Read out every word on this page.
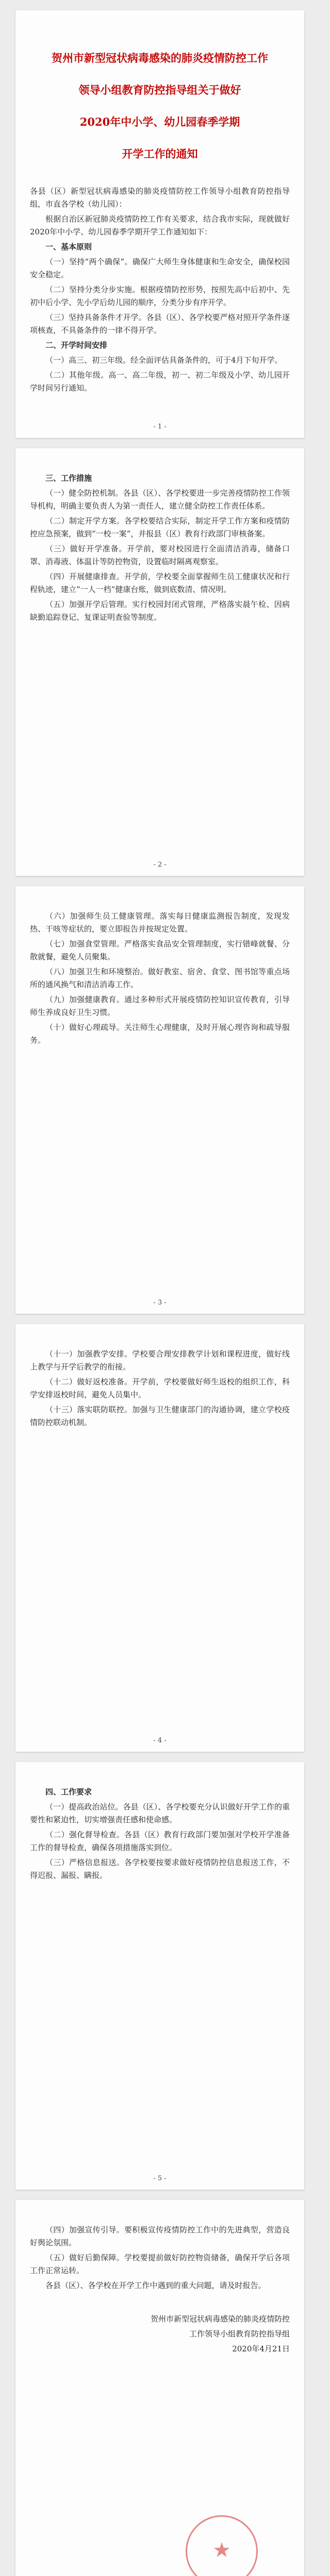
贺州市新型冠状病毒感染的肺炎疫情防控工作

领导小组教育防控指导组关于做好

2020年中小学、幼儿园春季学期

开学工作的通知

各县（区）新型冠状病毒感染的肺炎疫情防控工作领导小组教育防控指导组，市直各学校（幼儿园）：

根据自治区新冠肺炎疫情防控工作有关要求，结合我市实际，现就做好2020年中小学、幼儿园春季学期开学工作通知如下：

一、基本原则

（一）坚持“两个确保”。确保广大师生身体健康和生命安全，确保校园安全稳定。

（二）坚持分类分步实施。根据疫情防控形势，按照先高中后初中、先初中后小学、先小学后幼儿园的顺序，分类分步有序开学。

（三）坚持具备条件才开学。各县（区）、各学校要严格对照开学条件逐项核查，不具备条件的一律不得开学。

二、开学时间安排

（一）高三、初三年级。经全面评估具备条件的，可于4月下旬开学。

（二）其他年级。高一、高二年级，初一、初二年级及小学、幼儿园开学时间另行通知。

- 1 -

三、工作措施

（一）健全防控机制。各县（区）、各学校要进一步完善疫情防控工作领导机构，明确主要负责人为第一责任人，建立健全防控工作责任体系。

（二）制定开学方案。各学校要结合实际，制定开学工作方案和疫情防控应急预案，做到“一校一案”，并报县（区）教育行政部门审核备案。

（三）做好开学准备。开学前，要对校园进行全面清洁消毒，储备口罩、消毒液、体温计等防控物资，设置临时隔离观察室。

（四）开展健康排查。开学前，学校要全面掌握师生员工健康状况和行程轨迹，建立“一人一档”健康台账，做到底数清、情况明。

（五）加强开学后管理。实行校园封闭式管理，严格落实晨午检、因病缺勤追踪登记、复课证明查验等制度。

- 2 -

（六）加强师生员工健康管理。落实每日健康监测报告制度，发现发热、干咳等症状的，要立即报告并按规定处置。

（七）加强食堂管理。严格落实食品安全管理制度，实行错峰就餐、分散就餐，避免人员聚集。

（八）加强卫生和环境整治。做好教室、宿舍、食堂、图书馆等重点场所的通风换气和清洁消毒工作。

（九）加强健康教育。通过多种形式开展疫情防控知识宣传教育，引导师生养成良好卫生习惯。

（十）做好心理疏导。关注师生心理健康，及时开展心理咨询和疏导服务。

- 3 -

（十一）加强教学安排。学校要合理安排教学计划和课程进度，做好线上教学与开学后教学的衔接。

（十二）做好返校准备。开学前，学校要做好师生返校的组织工作，科学安排返校时间，避免人员集中。

（十三）落实联防联控。加强与卫生健康部门的沟通协调，建立学校疫情防控联动机制。

- 4 -

四、工作要求

（一）提高政治站位。各县（区）、各学校要充分认识做好开学工作的重要性和紧迫性，切实增强责任感和使命感。

（二）强化督导检查。各县（区）教育行政部门要加强对学校开学准备工作的督导检查，确保各项措施落实到位。

（三）严格信息报送。各学校要按要求做好疫情防控信息报送工作，不得迟报、漏报、瞒报。

- 5 -

（四）加强宣传引导。要积极宣传疫情防控工作中的先进典型，营造良好舆论氛围。

（五）做好后勤保障。学校要提前做好防控物资储备，确保开学后各项工作正常运转。

各县（区）、各学校在开学工作中遇到的重大问题，请及时报告。

贺州市新型冠状病毒感染的肺炎疫情防控

工作领导小组教育防控指导组

2020年4月21日

★
